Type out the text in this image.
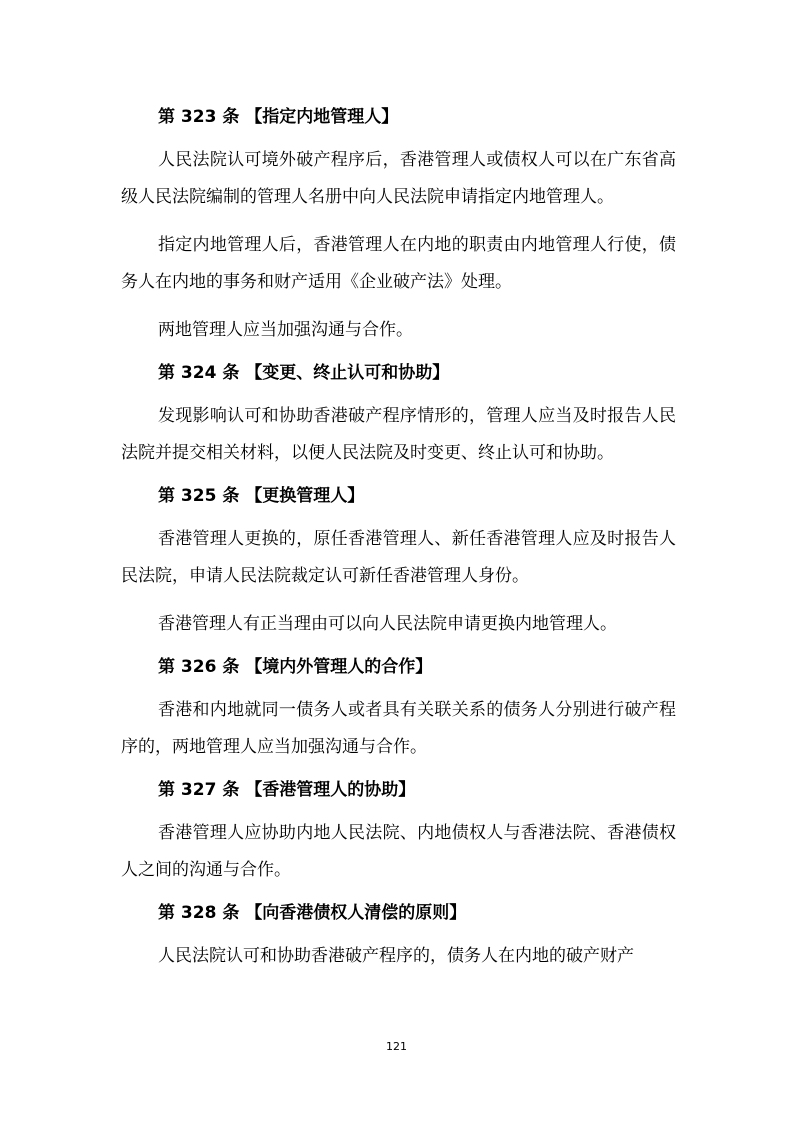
第 323 条 【指定内地管理人】

人民法院认可境外破产程序后，香港管理人或债权人可以在广东省高级人民法院编制的管理人名册中向人民法院申请指定内地管理人。

指定内地管理人后，香港管理人在内地的职责由内地管理人行使，债务人在内地的事务和财产适用《企业破产法》处理。

两地管理人应当加强沟通与合作。

第 324 条 【变更、终止认可和协助】

发现影响认可和协助香港破产程序情形的，管理人应当及时报告人民法院并提交相关材料，以便人民法院及时变更、终止认可和协助。

第 325 条 【更换管理人】

香港管理人更换的，原任香港管理人、新任香港管理人应及时报告人民法院，申请人民法院裁定认可新任香港管理人身份。

香港管理人有正当理由可以向人民法院申请更换内地管理人。

第 326 条 【境内外管理人的合作】

香港和内地就同一债务人或者具有关联关系的债务人分别进行破产程序的，两地管理人应当加强沟通与合作。

第 327 条 【香港管理人的协助】

香港管理人应协助内地人民法院、内地债权人与香港法院、香港债权人之间的沟通与合作。

第 328 条 【向香港债权人清偿的原则】

人民法院认可和协助香港破产程序的，债务人在内地的破产财产

121
